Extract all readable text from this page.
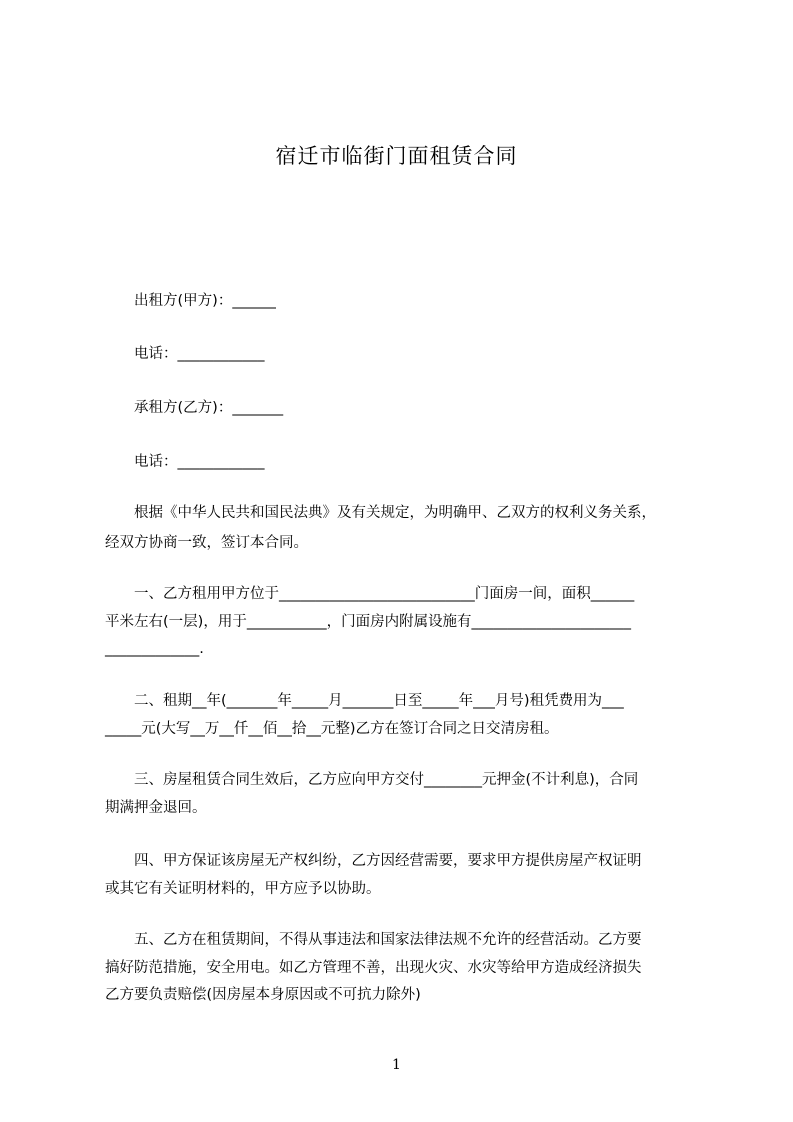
宿迁市临街门面租赁合同
　　出租方(甲方)：______
　　电话：____________
　　承租方(乙方)：_______
　　电话：____________
　　根据《中华人民共和国民法典》及有关规定，为明确甲、乙双方的权利义务关系，
经双方协商一致，签订本合同。
　　一、乙方租用甲方位于___________________________门面房一间，面积______
平米左右(一层)，用于___________，门面房内附属设施有______________________
_____________.
　　二、租期__年(_______年_____月_______日至_____年___月号)租凭费用为___
_____元(大写__万__仟__佰__拾__元整)乙方在签订合同之日交清房租。
　　三、房屋租赁合同生效后，乙方应向甲方交付________元押金(不计利息)，合同
期满押金退回。
　　四、甲方保证该房屋无产权纠纷，乙方因经营需要，要求甲方提供房屋产权证明
或其它有关证明材料的，甲方应予以协助。
　　五、乙方在租赁期间，不得从事违法和国家法律法规不允许的经营活动。乙方要
搞好防范措施，安全用电。如乙方管理不善，出现火灾、水灾等给甲方造成经济损失
乙方要负责赔偿(因房屋本身原因或不可抗力除外)
1
